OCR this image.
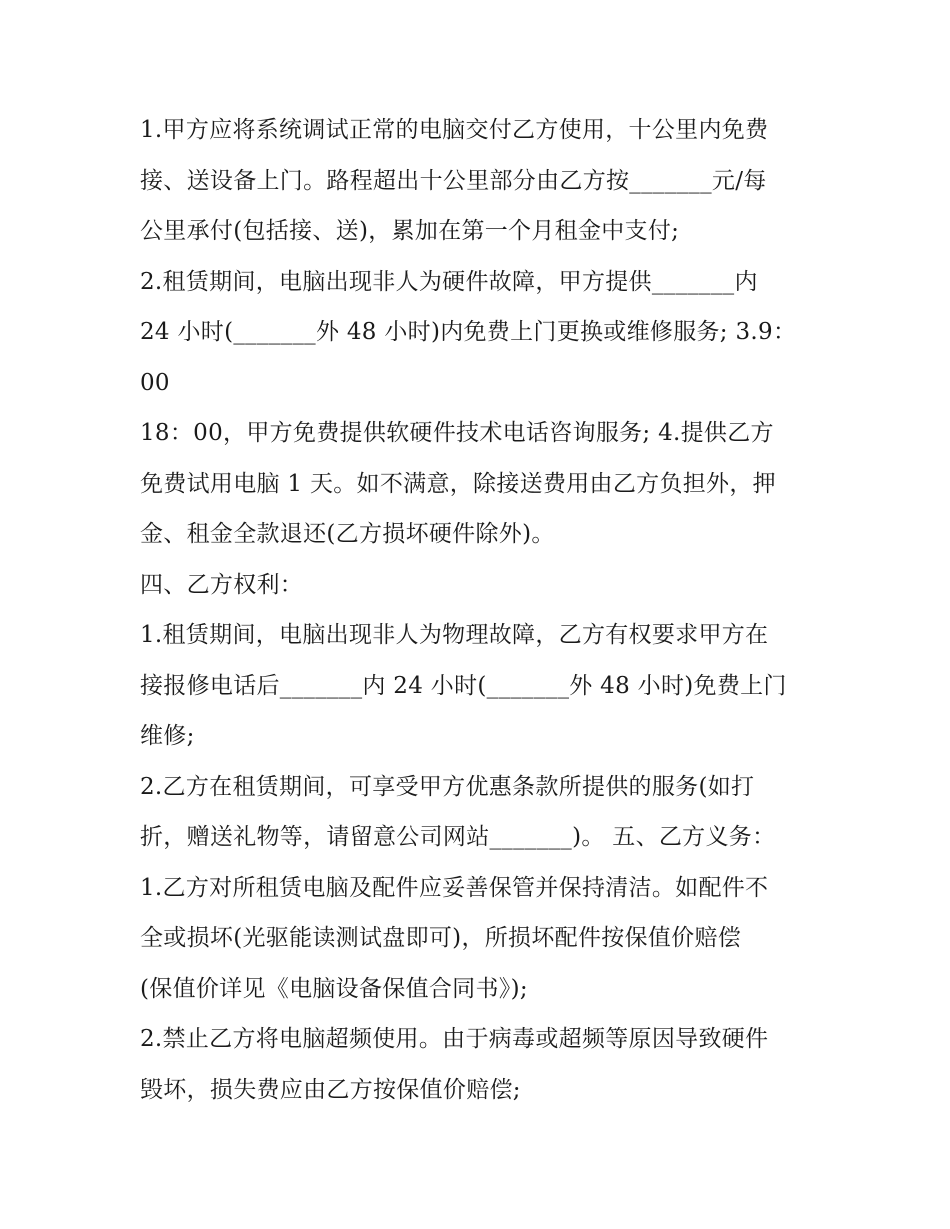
1.甲方应将系统调试正常的电脑交付乙方使用，十公里内免费
接、送设备上门。路程超出十公里部分由乙方按_______元/每
公里承付(包括接、送)，累加在第一个月租金中支付;
2.租赁期间，电脑出现非人为硬件故障，甲方提供_______内
24 小时(_______外 48 小时)内免费上门更换或维修服务; 3.9：
00
18：00，甲方免费提供软硬件技术电话咨询服务; 4.提供乙方
免费试用电脑 1 天。如不满意，除接送费用由乙方负担外，押
金、租金全款退还(乙方损坏硬件除外)。
四、乙方权利：
1.租赁期间，电脑出现非人为物理故障，乙方有权要求甲方在
接报修电话后_______内 24 小时(_______外 48 小时)免费上门
维修;
2.乙方在租赁期间，可享受甲方优惠条款所提供的服务(如打
折，赠送礼物等，请留意公司网站_______)。 五、乙方义务：
1.乙方对所租赁电脑及配件应妥善保管并保持清洁。如配件不
全或损坏(光驱能读测试盘即可)，所损坏配件按保值价赔偿
(保值价详见《电脑设备保值合同书》);
2.禁止乙方将电脑超频使用。由于病毒或超频等原因导致硬件
毁坏，损失费应由乙方按保值价赔偿;
